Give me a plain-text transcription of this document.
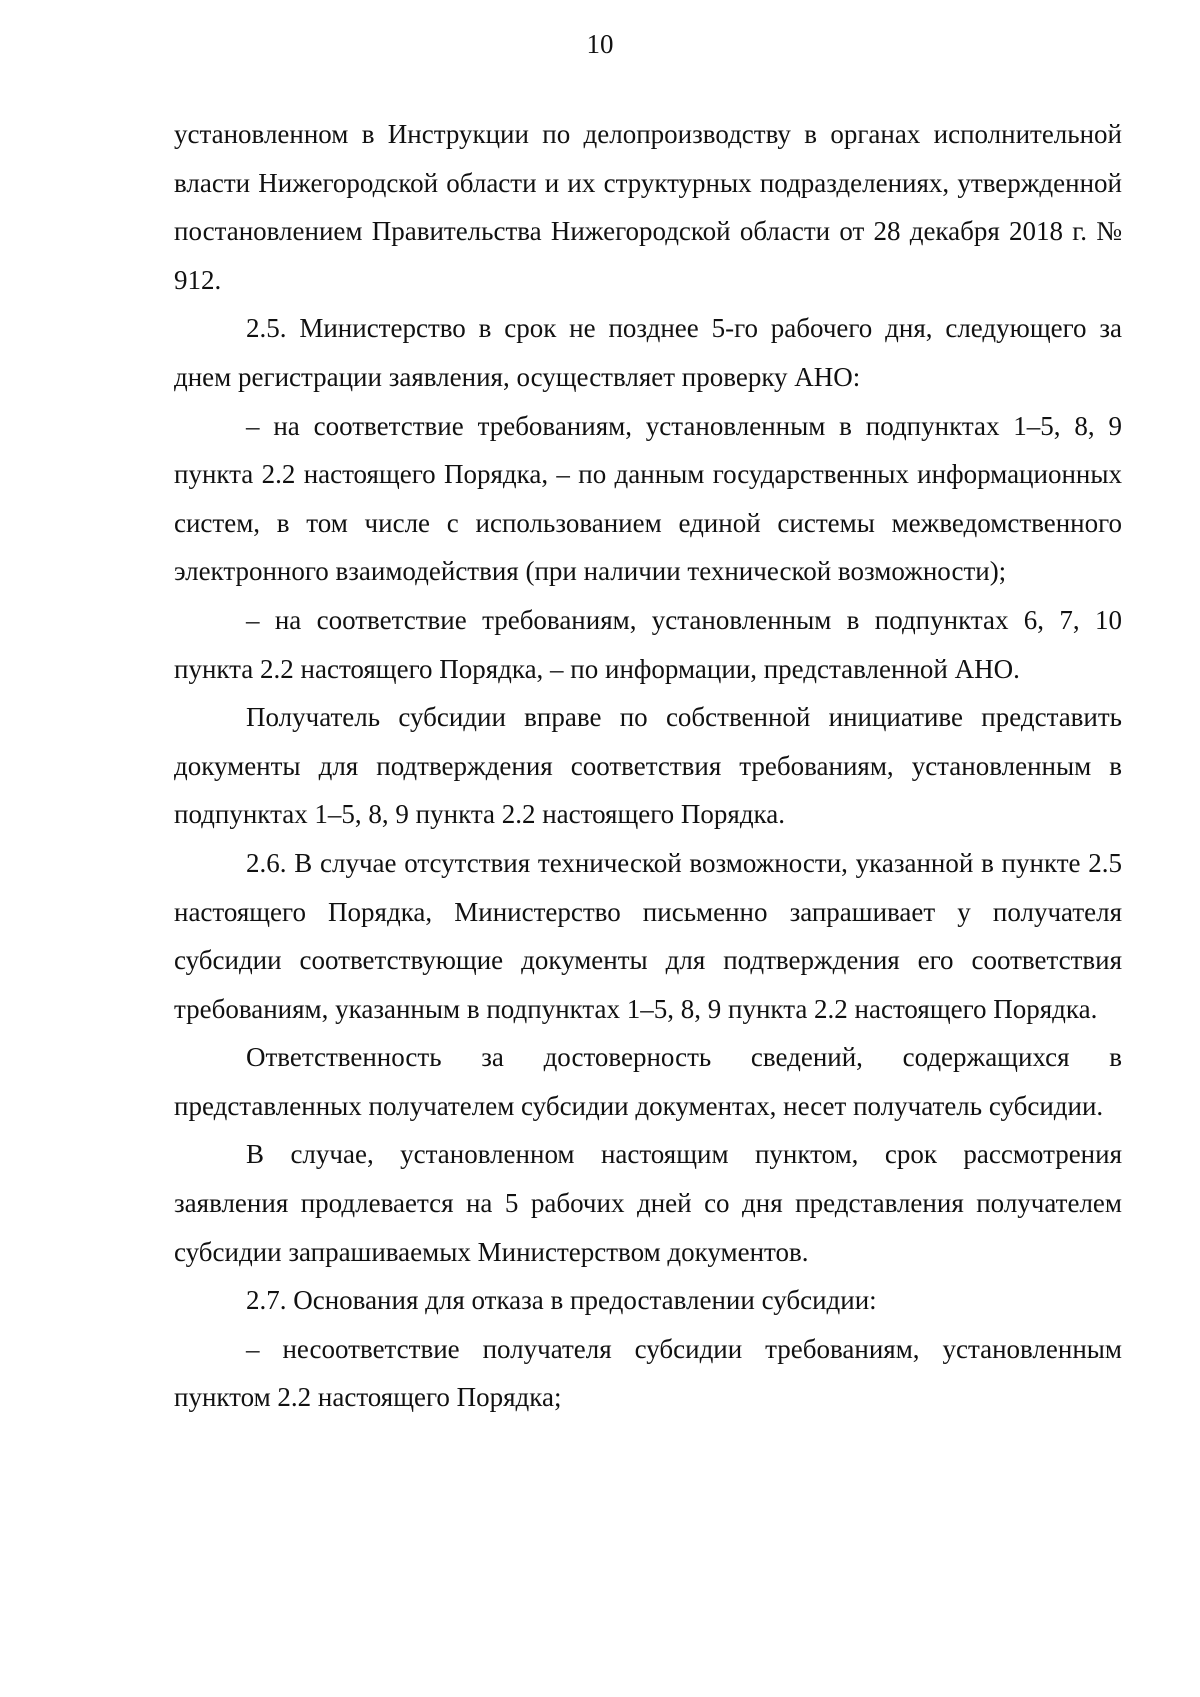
10

установленном в Инструкции по делопроизводству в органах исполнительной власти Нижегородской области и их структурных подразделениях, утвержденной постановлением Правительства Нижегородской области от 28 декабря 2018 г. № 912.

2.5. Министерство в срок не позднее 5-го рабочего дня, следующего за днем регистрации заявления, осуществляет проверку АНО:

– на соответствие требованиям, установленным в подпунктах 1–5, 8, 9 пункта 2.2 настоящего Порядка, – по данным государственных информационных систем, в том числе с использованием единой системы межведомственного электронного взаимодействия (при наличии технической возможности);

– на соответствие требованиям, установленным в подпунктах 6, 7, 10 пункта 2.2 настоящего Порядка, – по информации, представленной АНО.

Получатель субсидии вправе по собственной инициативе представить документы для подтверждения соответствия требованиям, установленным в подпунктах 1–5, 8, 9 пункта 2.2 настоящего Порядка.

2.6. В случае отсутствия технической возможности, указанной в пункте 2.5 настоящего Порядка, Министерство письменно запрашивает у получателя субсидии соответствующие документы для подтверждения его соответствия требованиям, указанным в подпунктах 1–5, 8, 9 пункта 2.2 настоящего Порядка.

Ответственность за достоверность сведений, содержащихся в представленных получателем субсидии документах, несет получатель субсидии.

В случае, установленном настоящим пунктом, срок рассмотрения заявления продлевается на 5 рабочих дней со дня представления получателем субсидии запрашиваемых Министерством документов.

2.7. Основания для отказа в предоставлении субсидии:

– несоответствие получателя субсидии требованиям, установленным пунктом 2.2 настоящего Порядка;
